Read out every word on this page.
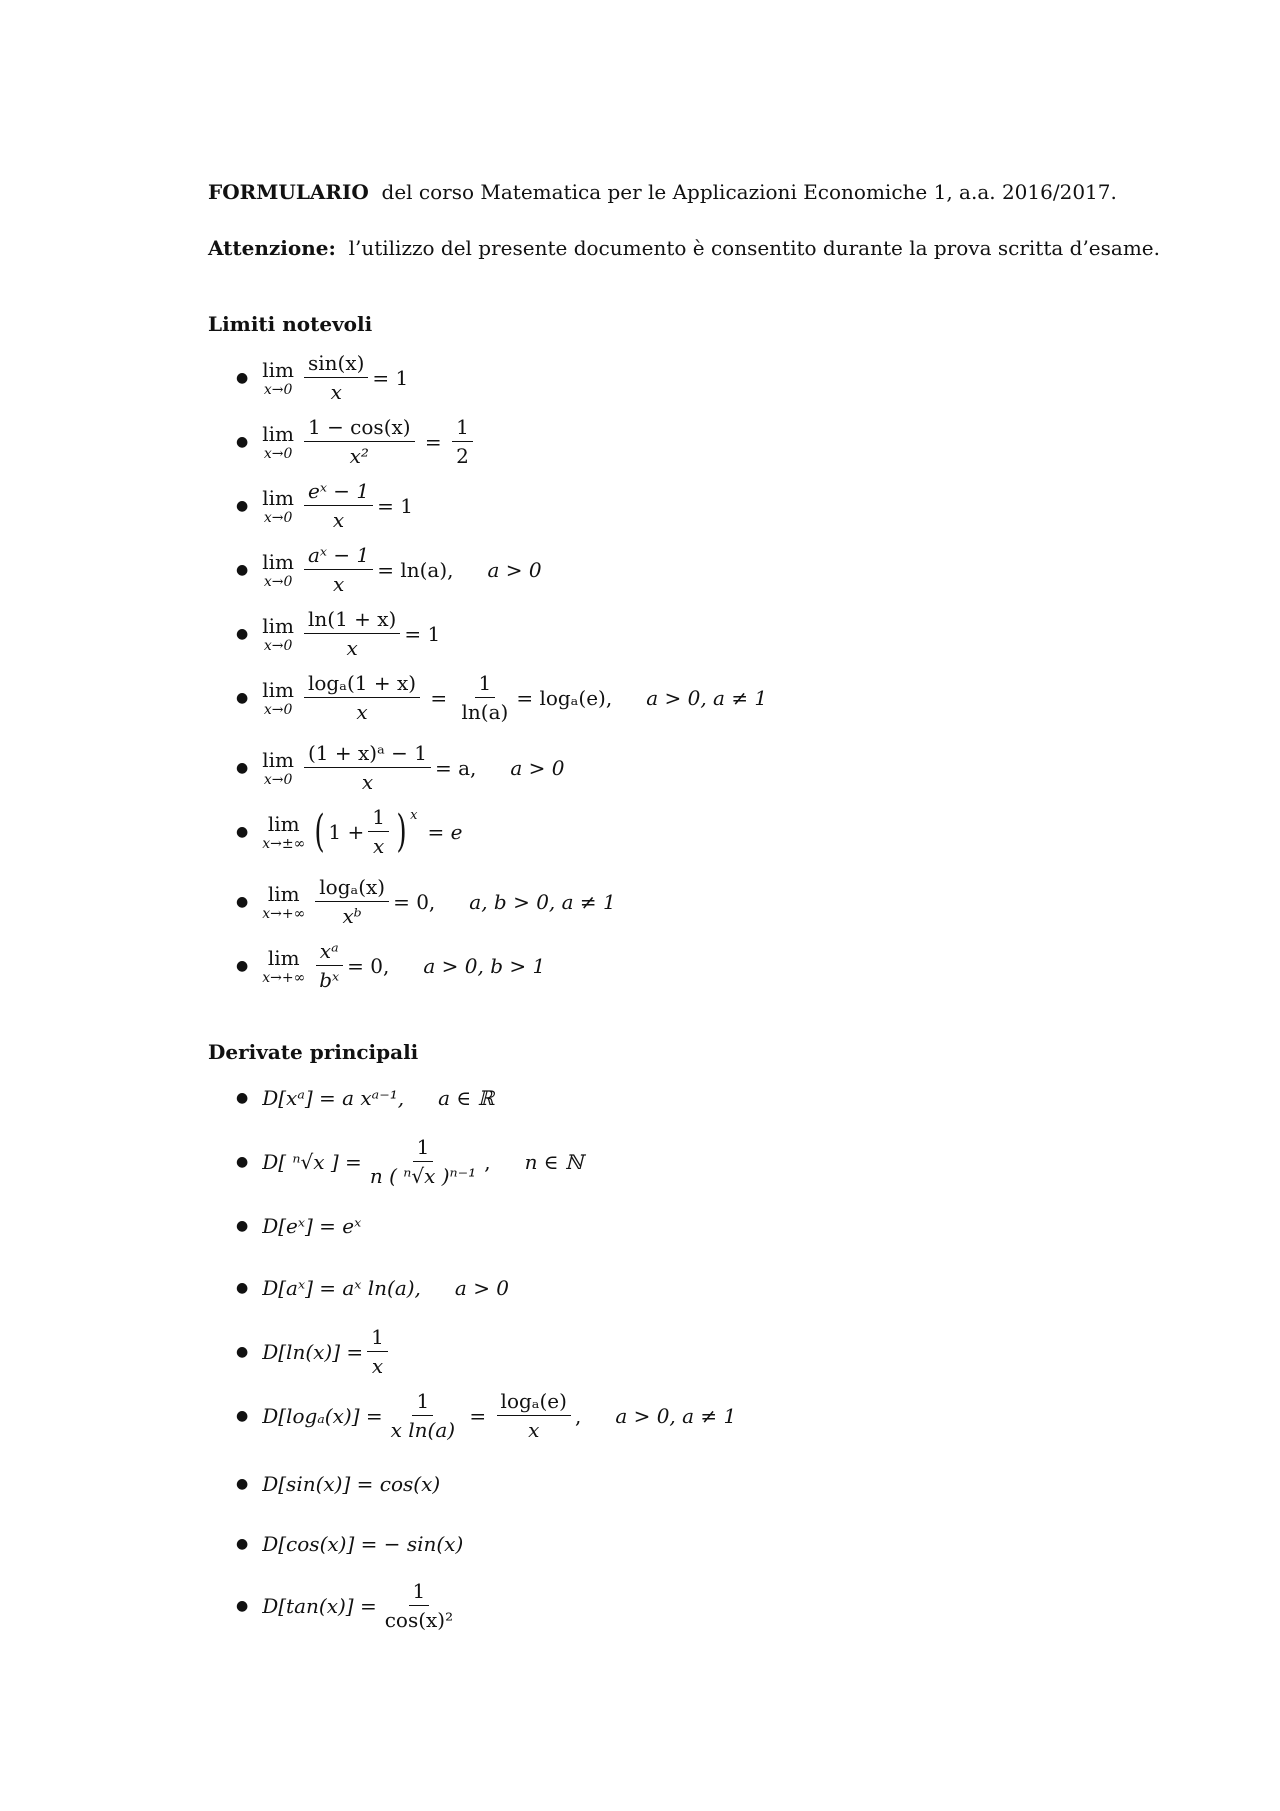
FORMULARIO del corso Matematica per le Applicazioni Economiche 1, a.a. 2016/2017.
Attenzione: l’utilizzo del presente documento è consentito durante la prova scritta d’esame.
Limiti notevoli
● lim
$x\to 0 \frac{\sin(x)}{x} = 1$
● lim
$x\to 0 \frac{1 - \cos(x)}{\text{x²}} = \frac{1}{2}$
● lim
$x\to 0 \frac{\text{eˣ − 1}}{x} = 1$
● lim
$x\to 0 \frac{\text{aˣ − 1}}{x} = \ln(a)$, a > 0
● lim
$x\to 0 \frac{\ln(1 + x)}{x} = 1$
● lim
$x\to 0 \frac{\text{logₐ(1 + x)}}{x} = \frac{1}{\ln(a)} = \log_a(e)$, a > 0, a ≠ 1
● lim
$x\to 0 \frac{\text{(1 + x)ᵃ − 1}}{x} = a$, a > 0
● lim
x→±∞ ( $1 + \frac{1}{x}$ ) $^x$
= e
● lim
$x\to+\infty \frac{\text{logₐ(x)}}{\text{xᵇ}} = 0$, a, b > 0, a ≠ 1
● lim
$x\to+\infty \frac{\text{xᵃ}}{\text{bˣ}} = 0$, a > 0, b > 1
Derivate principali
● D[xᵃ] = a xᵃ⁻¹, a ∈ ℝ
● D[ ⁿ√x ] = $\frac{1}{\text{n ( ⁿ√x )ⁿ⁻¹}}$ , n ∈ ℕ
● D[eˣ] = eˣ
● D[aˣ] = aˣ ln(a), a > 0
● $D[\ln(x)] = \frac{1}{x}$
● $D[\log_a(x)] = \frac{1}{\text{x ln(a)}} = \frac{\text{logₐ(e)}}{x}$ , a > 0, a ≠ 1
● D[sin(x)] = cos(x)
● D[cos(x)] = − sin(x)
● $D[\tan(x)] = \frac{1}{\text{cos(x)²}}$
